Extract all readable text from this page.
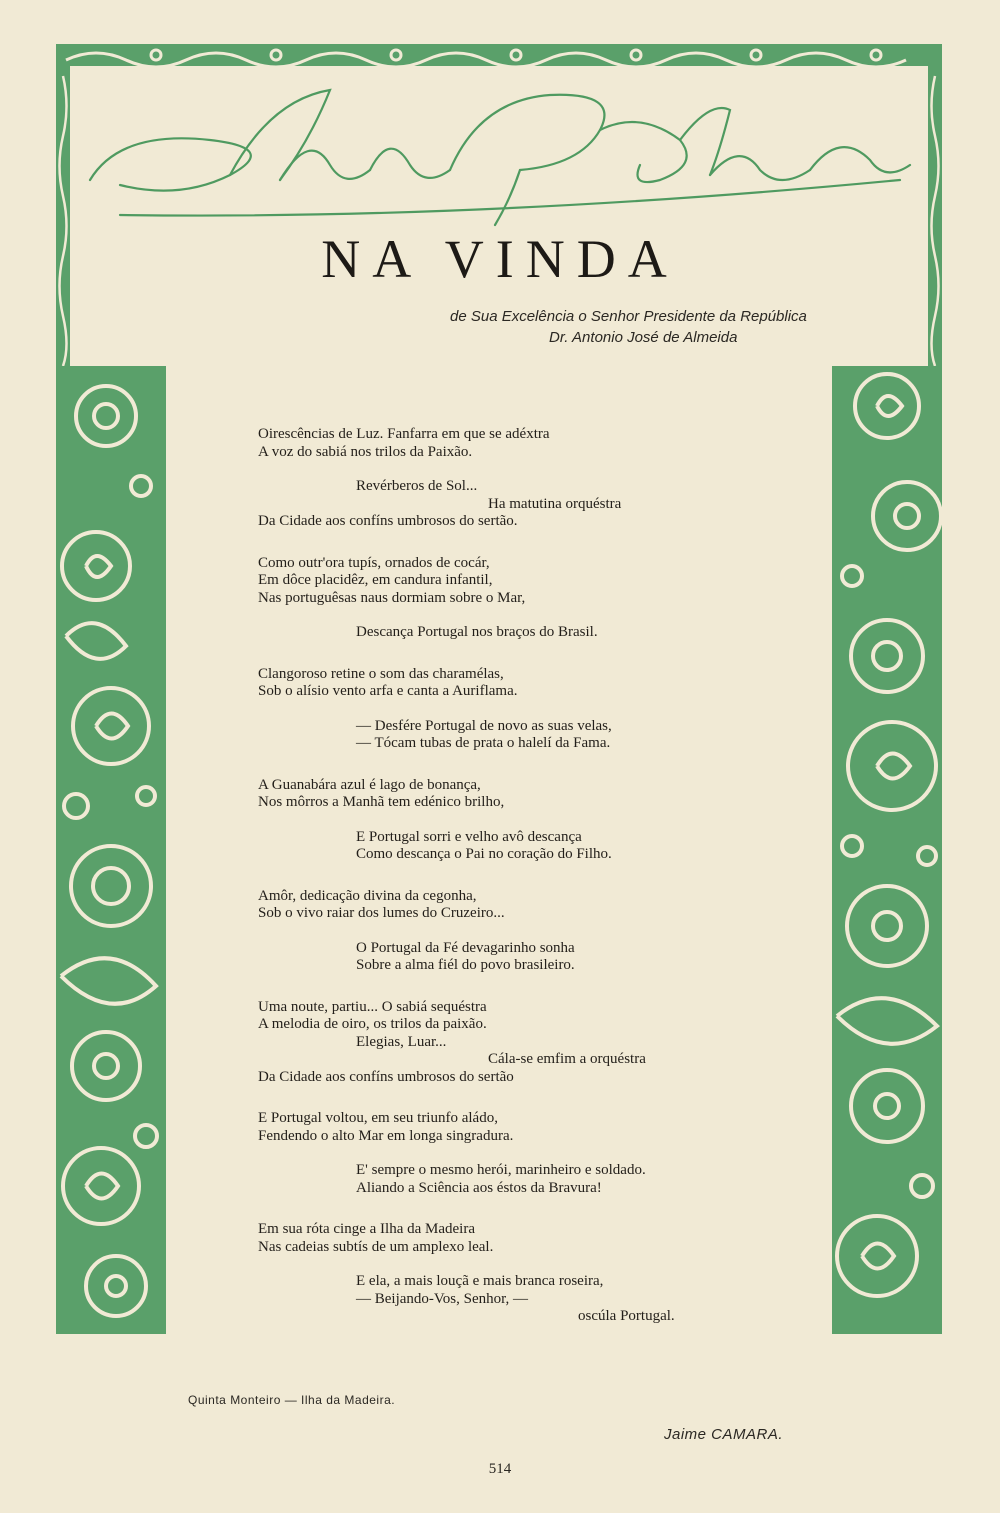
NA VINDA
de Sua Excelência o Senhor Presidente da República
Dr. Antonio José de Almeida
Oirescências de Luz. Fanfarra em que se adéxtra
A voz do sabiá nos trilos da Paixão.
Revérberos de Sol...
Ha matutina orquéstra
Da Cidade aos confíns umbrosos do sertão.
Como outr'ora tupís, ornados de cocár,
Em dôce placidêz, em candura infantil,
Nas portuguêsas naus dormiam sobre o Mar,
Descança Portugal nos braços do Brasil.
Clangoroso retine o som das charamélas,
Sob o alísio vento arfa e canta a Auriflama.
— Desfére Portugal de novo as suas velas,
— Tócam tubas de prata o halelí da Fama.
A Guanabára azul é lago de bonança,
Nos môrros a Manhã tem edénico brilho,
E Portugal sorri e velho avô descança
Como descança o Pai no coração do Filho.
Amôr, dedicação divina da cegonha,
Sob o vivo raiar dos lumes do Cruzeiro...
O Portugal da Fé devagarinho sonha
Sobre a alma fiél do povo brasileiro.
Uma noute, partiu... O sabiá sequéstra
A melodia de oiro, os trilos da paixão.
Elegias, Luar...
Cála-se emfim a orquéstra
Da Cidade aos confíns umbrosos do sertão
E Portugal voltou, em seu triunfo aládo,
Fendendo o alto Mar em longa singradura.
E' sempre o mesmo herói, marinheiro e soldado.
Aliando a Sciência aos éstos da Bravura!
Em sua róta cinge a Ilha da Madeira
Nas cadeias subtís de um amplexo leal.
E ela, a mais louçã e mais branca roseira,
— Beijando-Vos, Senhor, —
oscúla Portugal.
Quinta Monteiro — Ilha da Madeira.
Jaime CAMARA.
514
